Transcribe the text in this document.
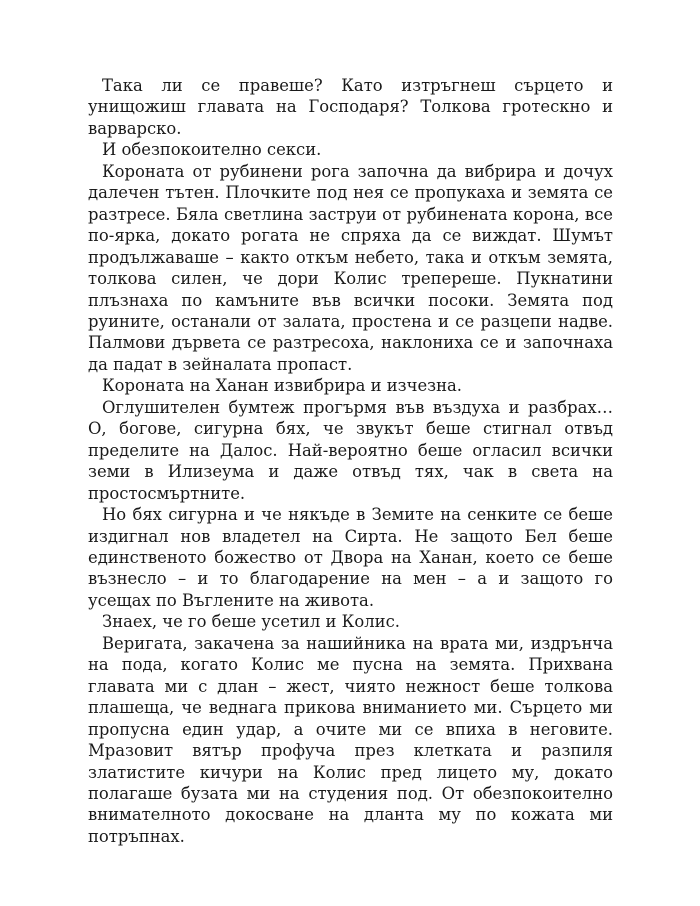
Така ли се правеше? Като изтръгнеш сърцето и унищожиш главата на Господаря? Толкова гротескно и варварско.

И обезпокоително секси.

Короната от рубинени рога започна да вибрира и дочух далечен тътен. Плочките под нея се пропукаха и земята се разтресе. Бяла светлина заструи от рубинената корона, все по-ярка, докато рогата не спряха да се виждат. Шумът продължаваше – както откъм небето, така и откъм земята, толкова силен, че дори Колис трепереше. Пукнатини плъзнаха по камъните във всички посоки. Земята под руините, останали от залата, простена и се разцепи надве. Палмови дървета се разтресоха, наклониха се и започнаха да падат в зейналата пропаст.

Короната на Ханан извибрира и изчезна.

Оглушителен бумтеж прогърмя във въздуха и разбрах… О, богове, сигурна бях, че звукът беше стигнал отвъд пределите на Далос. Най-вероятно беше огласил всички земи в Илизеума и даже отвъд тях, чак в света на простосмъртните.

Но бях сигурна и че някъде в Земите на сенките се беше издигнал нов владетел на Сирта. Не защото Бел беше единственото божество от Двора на Ханан, което се беше възнесло – и то благодарение на мен – а и защото го усещах по Въглените на живота.

Знаех, че го беше усетил и Колис.

Веригата, закачена за нашийника на врата ми, издрънча на пода, когато Колис ме пусна на земята. Прихвана главата ми с длан – жест, чиято нежност беше толкова плашеща, че веднага прикова вниманието ми. Сърцето ми пропусна един удар, а очите ми се впиха в неговите. Мразовит вятър профуча през клетката и разпиля златистите кичури на Колис пред лицето му, докато полагаше бузата ми на студения под. От обезпокоително внимателното докосване на дланта му по кожата ми потръпнах.
